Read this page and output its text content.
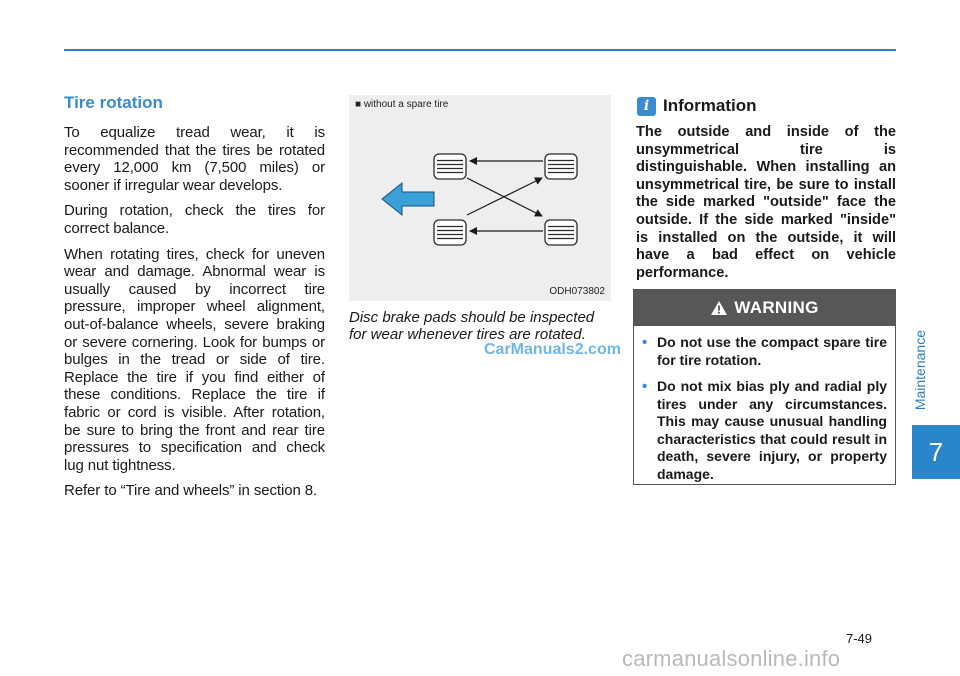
Tire rotation

To equalize tread wear, it is recommended that the tires be rotated every 12,000 km (7,500 miles) or sooner if irregular wear develops.

During rotation, check the tires for correct balance.

When rotating tires, check for uneven wear and damage. Abnormal wear is usually caused by incorrect tire pressure, improper wheel alignment, out-of-balance wheels, severe braking or severe cornering. Look for bumps or bulges in the tread or side of tire. Replace the tire if you find either of these conditions. Replace the tire if fabric or cord is visible. After rotation, be sure to bring the front and rear tire pressures to specification and check lug nut tightness.

Refer to “Tire and wheels” in section 8.

■ without a spare tire
ODH073802
Disc brake pads should be inspected for wear whenever tires are rotated.
CarManuals2.com
i Information

The outside and inside of the unsymmetrical tire is distinguishable. When installing an unsymmetrical tire, be sure to install the side marked "outside" face the outside. If the side marked "inside" is installed on the outside, it will have a bad effect on vehicle performance.

WARNING
• Do not use the compact spare tire for tire rotation.
• Do not mix bias ply and radial ply tires under any circumstances. This may cause unusual handling characteristics that could result in death, severe injury, or property damage.
Maintenance
7
7-49
carmanualsonline.info
